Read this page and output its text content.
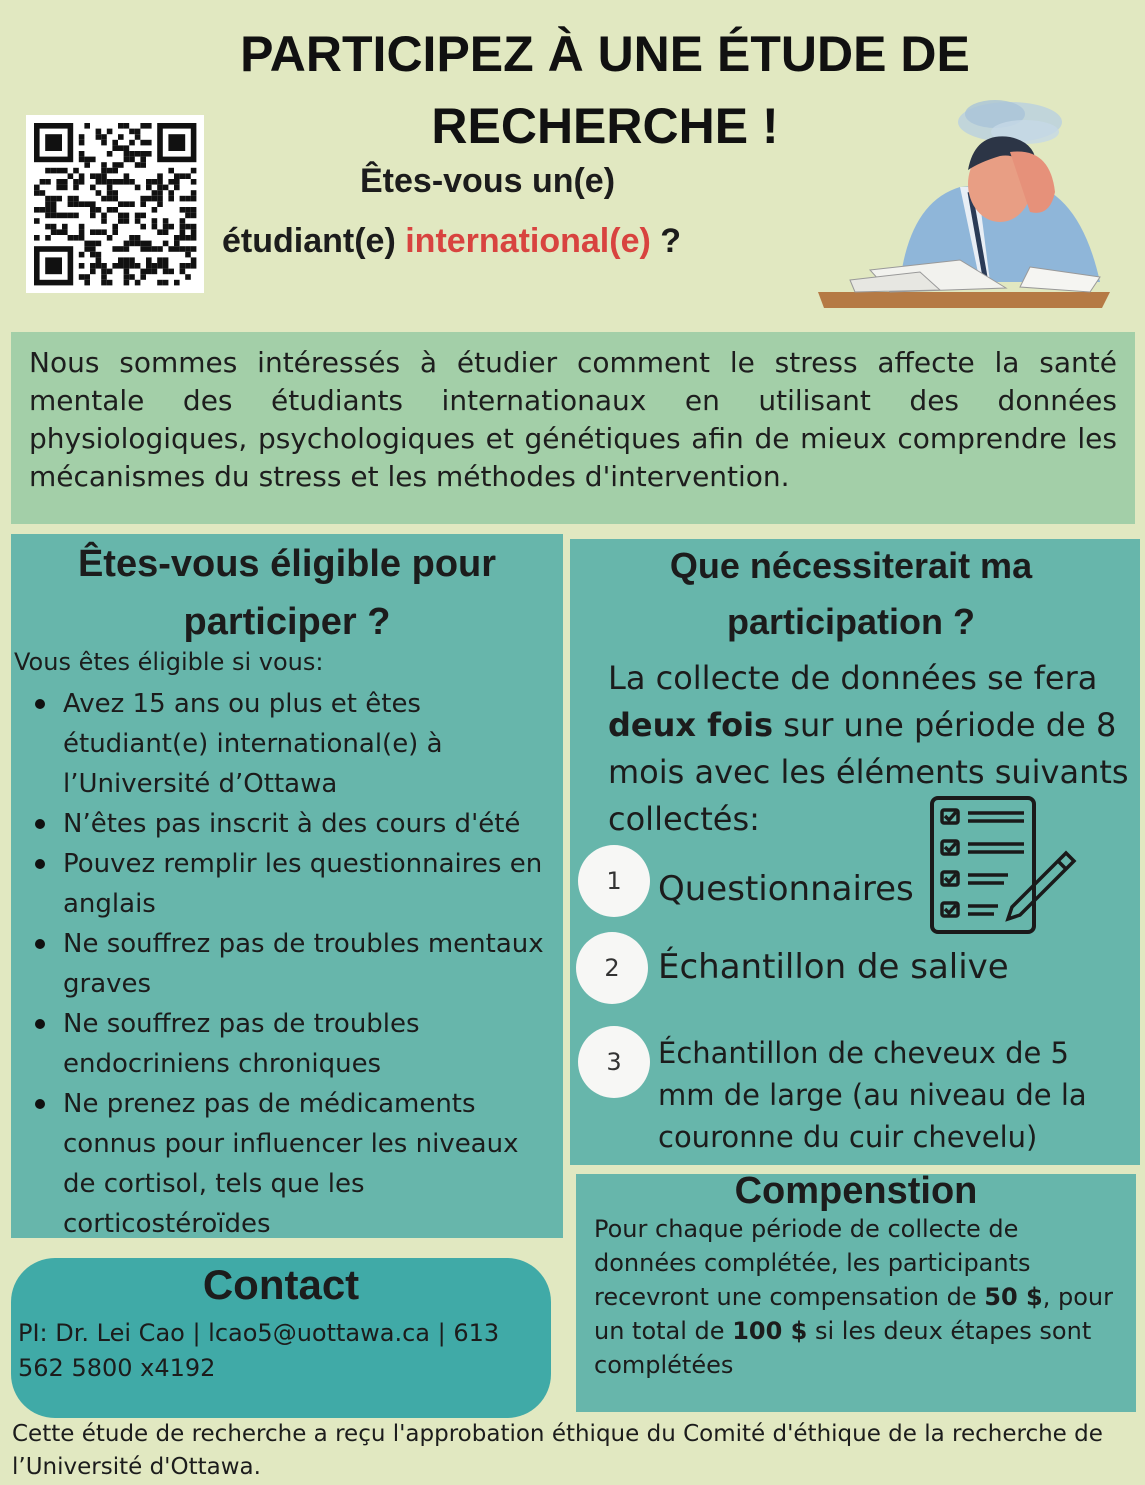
PARTICIPEZ À UNE ÉTUDE DE RECHERCHE !
Êtes-vous un(e)
étudiant(e) international(e) ?
Nous sommes intéressés à étudier comment le stress affecte la santé mentale des étudiants internationaux en utilisant des données physiologiques, psychologiques et génétiques afin de mieux comprendre les mécanismes du stress et les méthodes d'intervention.
Êtes-vous éligible pour participer ?
Vous êtes éligible si vous:
Avez 15 ans ou plus et êtes étudiant(e) international(e) à l’Université d’Ottawa
N’êtes pas inscrit à des cours d'été
Pouvez remplir les questionnaires en anglais
Ne souffrez pas de troubles mentaux graves
Ne souffrez pas de troubles endocriniens chroniques
Ne prenez pas de médicaments connus pour influencer les niveaux de cortisol, tels que les corticostéroïdes
Que nécessiterait ma participation ?
La collecte de données se fera deux fois sur une période de 8 mois avec les éléments suivants collectés:
1	Questionnaires
2	Échantillon de salive
3	Échantillon de cheveux de 5 mm de large (au niveau de la couronne du cuir chevelu)
Compenstion
Pour chaque période de collecte de données complétée, les participants recevront une compensation de 50 $, pour un total de 100 $ si les deux étapes sont complétées
Contact
PI: Dr. Lei Cao | lcao5@uottawa.ca | 613 562 5800 x4192
Cette étude de recherche a reçu l'approbation éthique du Comité d'éthique de la recherche de l’Université d'Ottawa.
